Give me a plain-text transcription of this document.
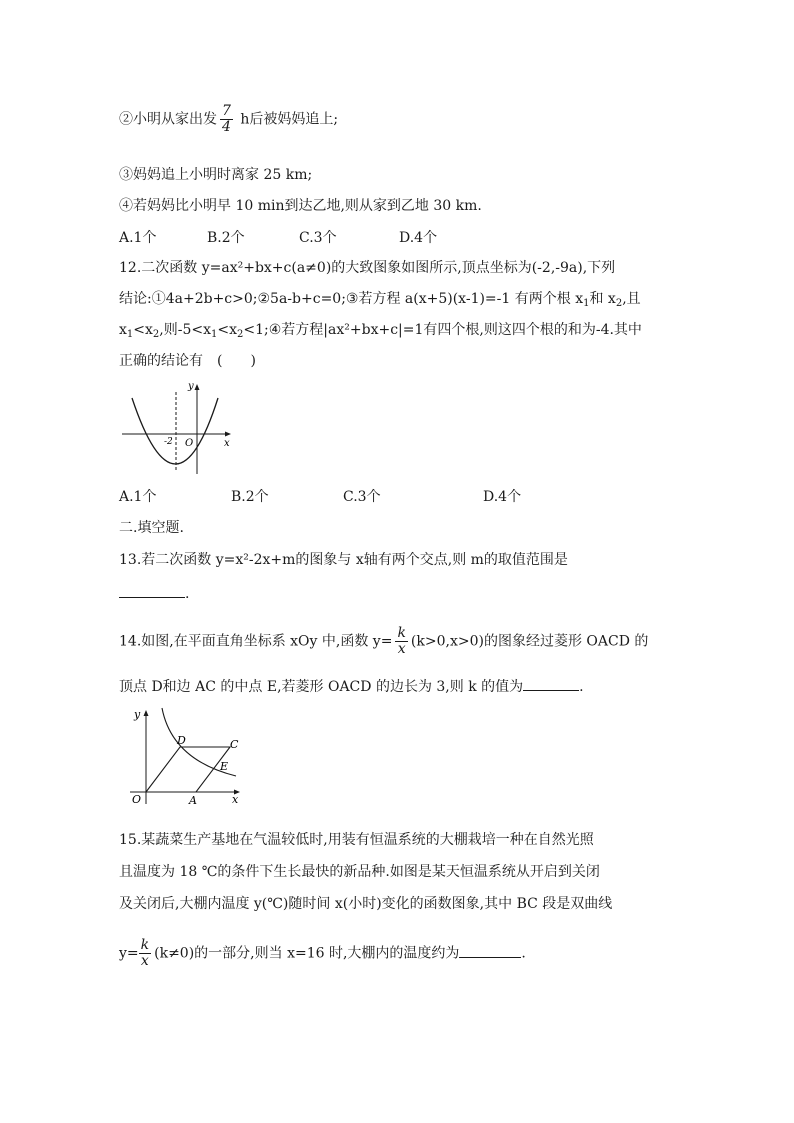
②小明从家出发 $\frac{7}{4}$ h后被妈妈追上;
③妈妈追上小明时离家 25 km;
④若妈妈比小明早 10 min到达乙地,则从家到乙地 30 km.
A.1个	B.2个	C.3个	D.4个
12.二次函数 y=ax²+bx+c(a≠0)的大致图象如图所示,顶点坐标为(-2,-9a),下列
结论:①4a+2b+c>0;②5a-b+c=0;③若方程 a(x+5)(x-1)=-1 有两个根 $x_1$和 $x_2$,且
$x_1<x_2$,则$-5<x_1<x_2<1;④$若方程|ax²+bx+c|=1有四个根,则这四个根的和为-4.其中
正确的结论有　(　　)
y
x
O
-2
A.1个	B.2个	C.3个	D.4个
二.填空题.
13.若二次函数 y=x²-2x+m的图象与 x轴有两个交点,则 m的取值范围是
.
14.如图,在平面直角坐标系 xOy 中,函数 $y= \frac{k}{x} (k>0,x>0)$的图象经过菱形 OACD 的
顶点 D和边 AC 的中点 E,若菱形 OACD 的边长为 3,则 k 的值为	.
y
x
O	A
C
D
E
15.某蔬菜生产基地在气温较低时,用装有恒温系统的大棚栽培一种在自然光照
且温度为 18 ℃的条件下生长最快的新品种.如图是某天恒温系统从开启到关闭
及关闭后,大棚内温度 y(℃)随时间 x(小时)变化的函数图象,其中 BC 段是双曲线
$y= \frac{k}{x} (k\ne 0)$的一部分,则当 x=16 时,大棚内的温度约为	.
